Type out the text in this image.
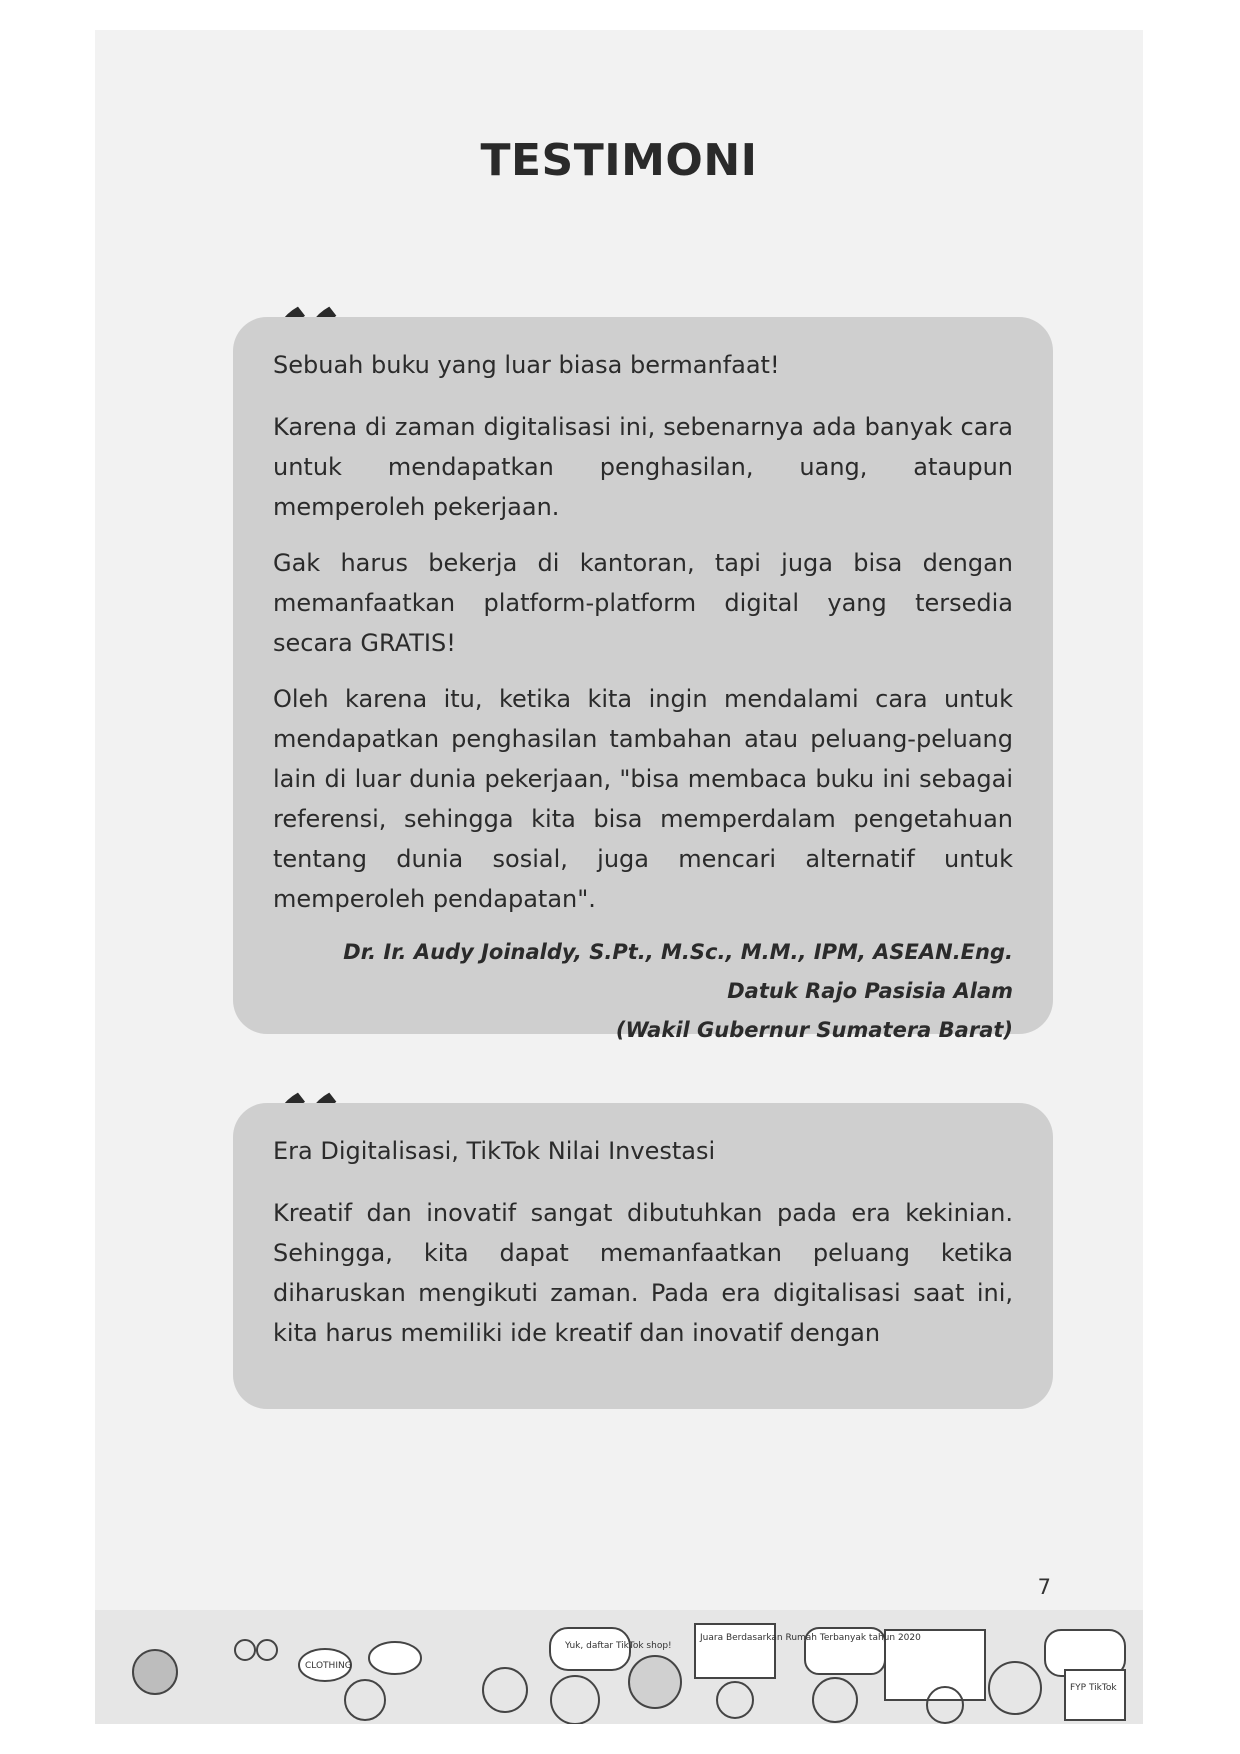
TESTIMONI

Sebuah buku yang luar biasa bermanfaat!

Karena di zaman digitalisasi ini, sebenarnya ada banyak cara untuk mendapatkan penghasilan, uang, ataupun memperoleh pekerjaan.

Gak harus bekerja di kantoran, tapi juga bisa dengan memanfaatkan platform-platform digital yang tersedia secara GRATIS!

Oleh karena itu, ketika kita ingin mendalami cara untuk mendapatkan penghasilan tambahan atau peluang-peluang lain di luar dunia pekerjaan, "bisa membaca buku ini sebagai referensi, sehingga kita bisa memperdalam pengetahuan tentang dunia sosial, juga mencari alternatif untuk memperoleh pendapatan".

Dr. Ir. Audy Joinaldy, S.Pt., M.Sc., M.M., IPM, ASEAN.Eng.
Datuk Rajo Pasisia Alam
(Wakil Gubernur Sumatera Barat)

Era Digitalisasi, TikTok Nilai Investasi

Kreatif dan inovatif sangat dibutuhkan pada era kekinian. Sehingga, kita dapat memanfaatkan peluang ketika diharuskan mengikuti zaman. Pada era digitalisasi saat ini, kita harus memiliki ide kreatif dan inovatif dengan

7
Yuk, daftar TikTok shop!
Juara Berdasarkan Rumah Terbanyak tahun 2020
FYP TikTok
CLOTHING
